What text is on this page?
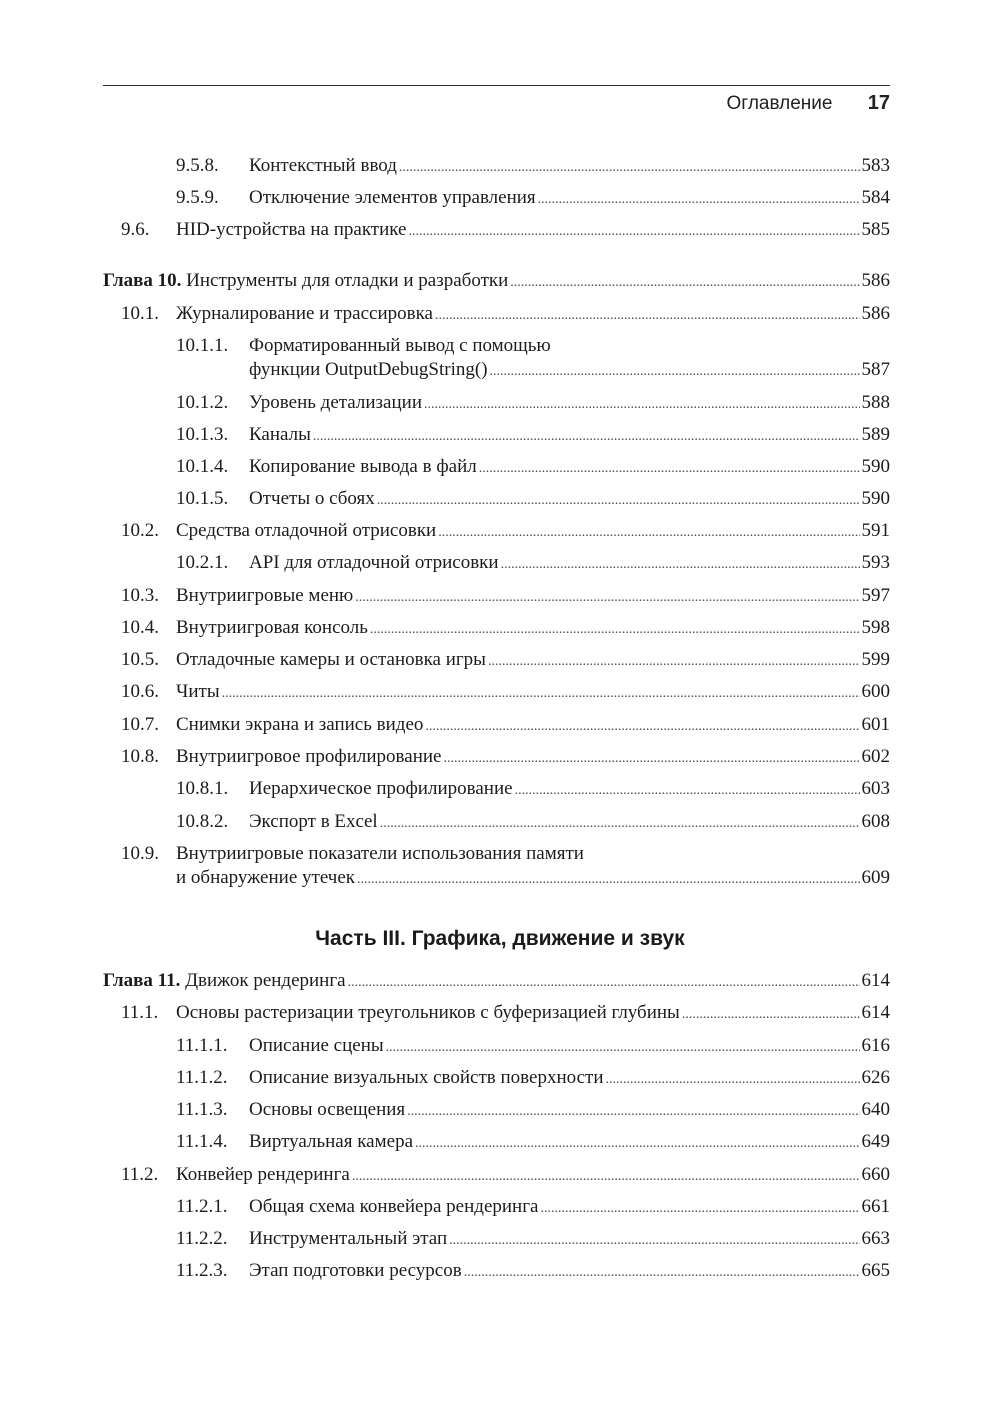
Оглавление 17
9.5.8. Контекстный ввод .....	583
9.5.9. Отключение элементов управления .....	584
9.6. HID-устройства на практике .....	585
Глава 10. Инструменты для отладки и разработки .....	586
10.1. Журналирование и трассировка .....	586
10.1.1. Форматированный вывод с помощью
функции OutputDebugString() .....	587
10.1.2. Уровень детализации .....	588
10.1.3. Каналы .....	589
10.1.4. Копирование вывода в файл .....	590
10.1.5. Отчеты о сбоях .....	590
10.2. Средства отладочной отрисовки .....	591
10.2.1. API для отладочной отрисовки .....	593
10.3. Внутриигровые меню .....	597
10.4. Внутриигровая консоль .....	598
10.5. Отладочные камеры и остановка игры .....	599
10.6. Читы .....	600
10.7. Снимки экрана и запись видео .....	601
10.8. Внутриигровое профилирование .....	602
10.8.1. Иерархическое профилирование .....	603
10.8.2. Экспорт в Excel .....	608
10.9. Внутриигровые показатели использования памяти
и обнаружение утечек .....	609
Часть III. Графика, движение и звук
Глава 11. Движок рендеринга .....	614
11.1. Основы растеризации треугольников с буферизацией глубины .....	614
11.1.1. Описание сцены .....	616
11.1.2. Описание визуальных свойств поверхности .....	626
11.1.3. Основы освещения .....	640
11.1.4. Виртуальная камера .....	649
11.2. Конвейер рендеринга .....	660
11.2.1. Общая схема конвейера рендеринга .....	661
11.2.2. Инструментальный этап .....	663
11.2.3. Этап подготовки ресурсов .....	665
